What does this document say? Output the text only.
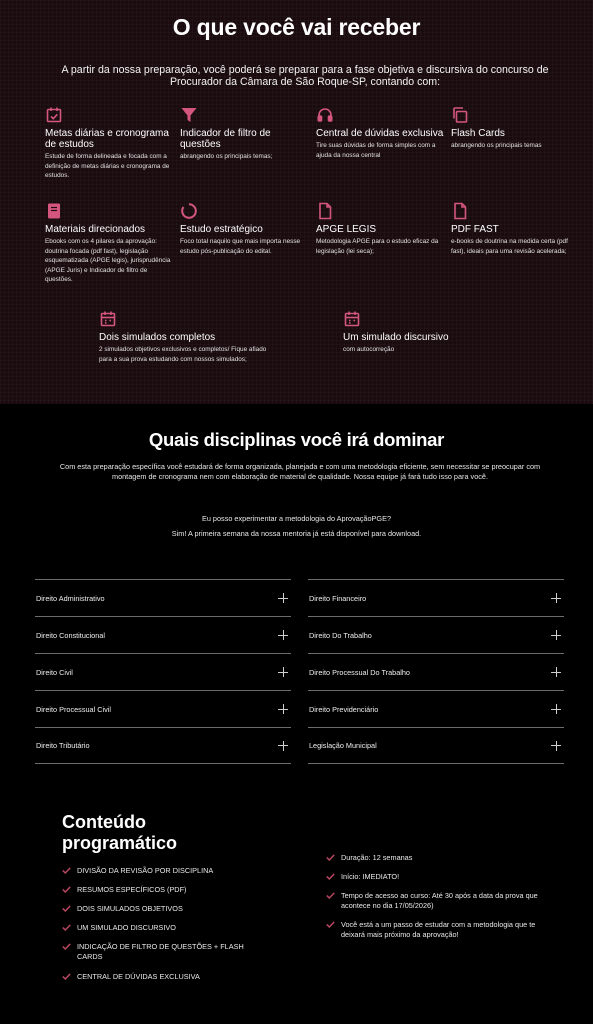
O que você vai receber

A partir da nossa preparação, você poderá se preparar para a fase objetiva e discursiva do concurso de
Procurador da Câmara de São Roque-SP, contando com:

Metas diárias e cronograma de estudos
Estude de forma delineada e focada com a definição de metas diárias e cronograma de estudos.
Indicador de filtro de questões
abrangendo os principais temas;
Central de dúvidas exclusiva
Tire suas dúvidas de forma simples com a ajuda da nossa central
Flash Cards
abrangendo os principais temas
Materiais direcionados
Ebooks com os 4 pilares da aprovação: doutrina focada (pdf fast), legislação esquematizada (APGE legis), jurisprudência (APGE Juris) e Indicador de filtro de questões.
Estudo estratégico
Foco total naquilo que mais importa nesse estudo pós-publicação do edital.
APGE LEGIS
Metodologia APGE para o estudo eficaz da legislação (lei seca);
PDF FAST
e-books de doutrina na medida certa (pdf fast), ideais para uma revisão acelerada;
Dois simulados completos
2 simulados objetivos exclusivos e completos/ Fique afiado para a sua prova estudando com nossos simulados;
Um simulado discursivo
com autocorreção
Quais disciplinas você irá dominar

Com esta preparação específica você estudará de forma organizada, planejada e com uma metodologia eficiente, sem necessitar se preocupar com
montagem de cronograma nem com elaboração de material de qualidade. Nossa equipe já fará tudo isso para você.

Eu posso experimentar a metodologia do AprovaçãoPGE?

Sim! A primeira semana da nossa mentoria já está disponível para download.

Direito Administrativo
Direito Constitucional
Direito Civil
Direito Processual Civil
Direito Tributário
Direito Financeiro
Direito Do Trabalho
Direito Processual Do Trabalho
Direito Previdenciário
Legislação Municipal
Conteúdo
programático
DIVISÃO DA REVISÃO POR DISCIPLINA
RESUMOS ESPECÍFICOS (PDF)
DOIS SIMULADOS OBJETIVOS
UM SIMULADO DISCURSIVO
INDICAÇÃO DE FILTRO DE QUESTÕES + FLASH CARDS
CENTRAL DE DÚVIDAS EXCLUSIVA
Duração: 12 semanas
Início: IMEDIATO!
Tempo de acesso ao curso: Até 30 após a data da prova que acontece no dia 17/05/2026)
Você está a um passo de estudar com a metodologia que te deixará mais próximo da aprovação!
